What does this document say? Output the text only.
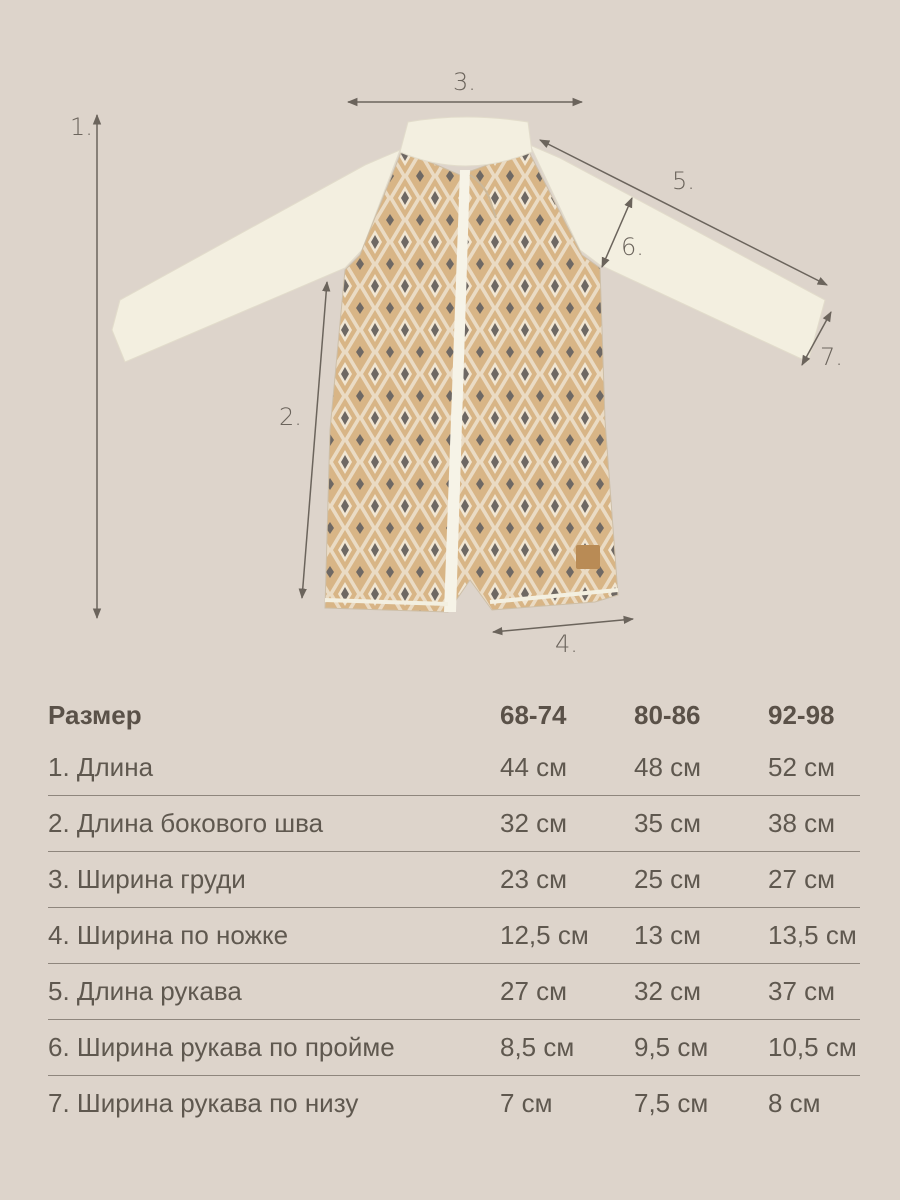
1.
2.
3.
4.
5.
6.
7.
Размер	68-74	80-86	92-98
1. Длина	44 см	48 см	52 см
2. Длина бокового шва	32 см	35 см	38 см
3. Ширина груди	23 см	25 см	27 см
4. Ширина по ножке	12,5 см	13 см	13,5 см
5. Длина рукава	27 см	32 см	37 см
6. Ширина рукава по пройме	8,5 см	9,5 см	10,5 см
7. Ширина рукава по низу	7 см	7,5 см	8 см
